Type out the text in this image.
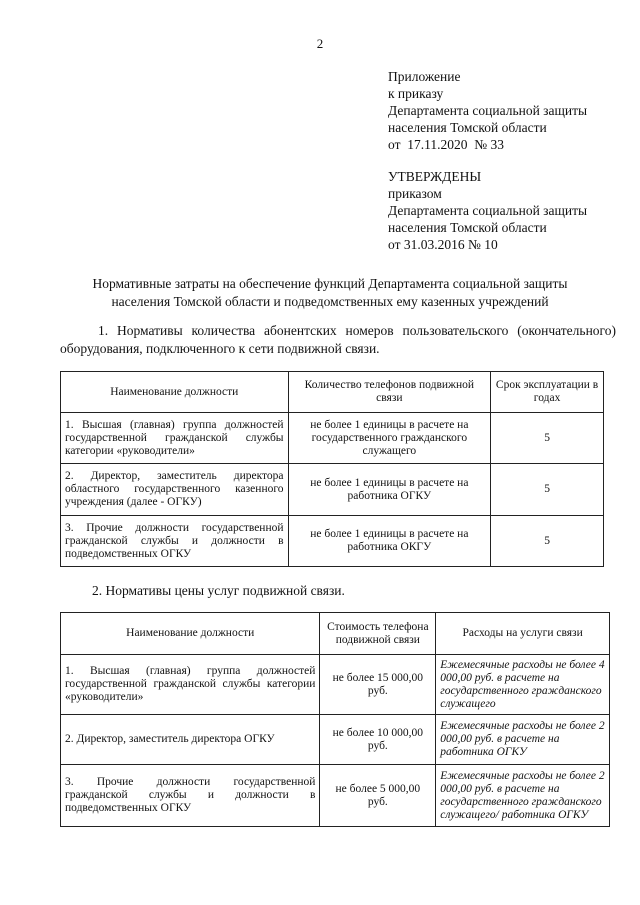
2
Приложение
к приказу
Департамента социальной защиты
населения Томской области
от  17.11.2020  № 33
УТВЕРЖДЕНЫ
приказом
Департамента социальной защиты
населения Томской области
от 31.03.2016 № 10
Нормативные затраты на обеспечение функций Департамента социальной защиты
населения Томской области и подведомственных ему казенных учреждений
1. Нормативы количества абонентских номеров пользовательского (окончательного) оборудования, подключенного к сети подвижной связи.
Наименование должности	Количество телефонов подвижной связи	Срок эксплуатации в годах
1. Высшая (главная) группа должностей государственной гражданской службы категории «руководители»	не более 1 единицы в расчете на государственного гражданского служащего	5
2. Директор, заместитель директора областного государственного казенного учреждения (далее - ОГКУ)	не более 1 единицы в расчете на работника ОГКУ	5
3. Прочие должности государственной гражданской службы и должности в подведомственных ОГКУ	не более 1 единицы в расчете на работника ОКГУ	5
2. Нормативы цены услуг подвижной связи.
Наименование должности	Стоимость телефона подвижной связи	Расходы на услуги связи
1. Высшая (главная) группа должностей государственной гражданской службы категории «руководители»	не более 15 000,00 руб.	Ежемесячные расходы не более 4 000,00 руб. в расчете на государственного гражданского служащего
2. Директор, заместитель директора ОГКУ	не более 10 000,00 руб.	Ежемесячные расходы не более 2 000,00 руб. в расчете на работника ОГКУ
3. Прочие должности государственной гражданской службы и должности в подведомственных ОГКУ	не более 5 000,00 руб.	Ежемесячные расходы не более 2 000,00 руб. в расчете на государственного гражданского служащего/ работника ОГКУ
